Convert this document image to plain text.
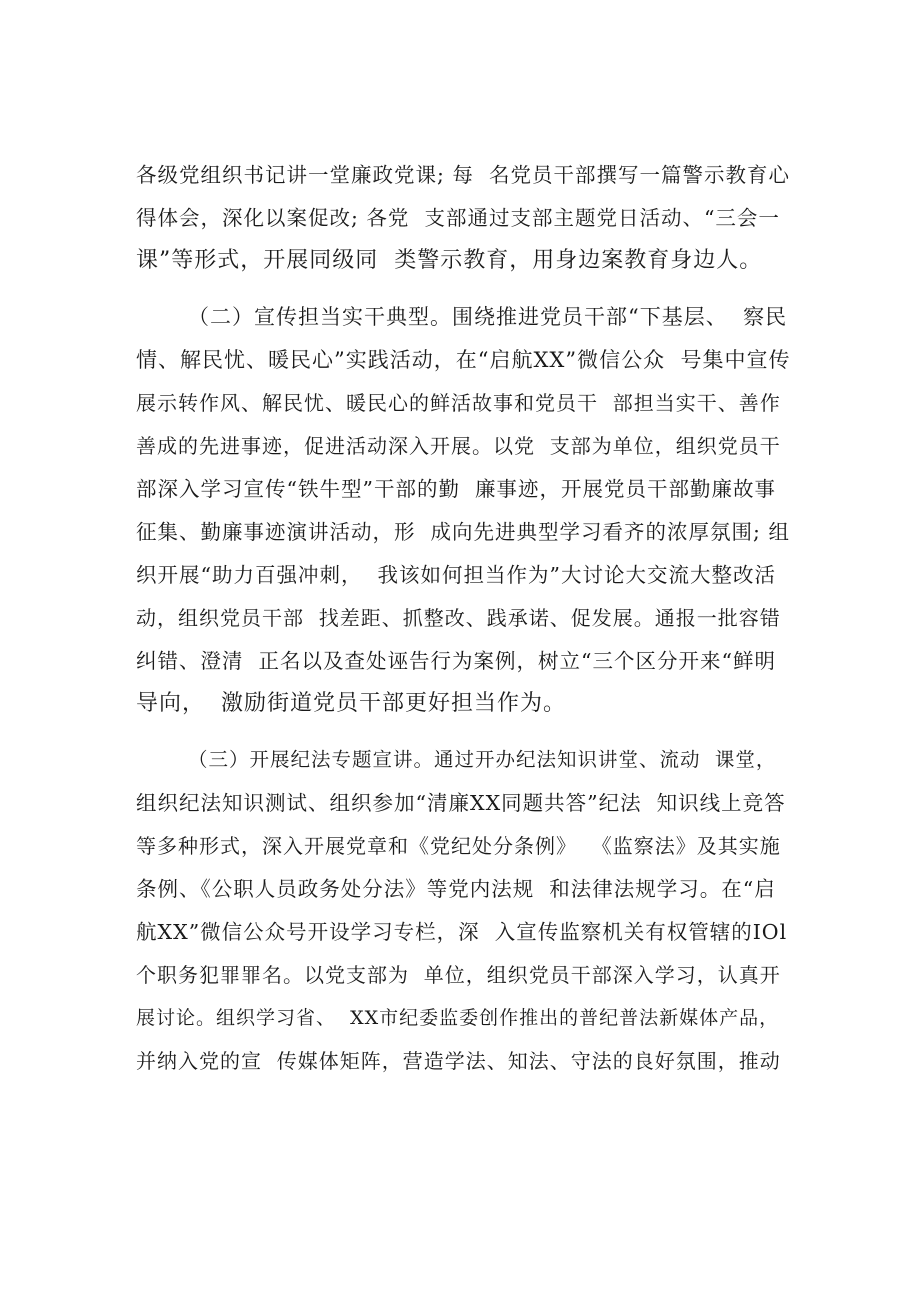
各级党组织书记讲一堂廉政党课; 每  名党员干部撰写一篇警示教育心
得体会，深化以案促改; 各党  支部通过支部主题党日活动、“三会一
课”等形式，开展同级同  类警示教育，用身边案教育身边人。
（二）宣传担当实干典型。围绕推进党员干部“下基层、  察民
情、解民忧、暖民心”实践活动，在“启航XX”微信公众  号集中宣传
展示转作风、解民忧、暖民心的鲜活故事和党员干  部担当实干、善作
善成的先进事迹，促进活动深入开展。以党  支部为单位，组织党员干
部深入学习宣传“铁牛型”干部的勤  廉事迹，开展党员干部勤廉故事
征集、勤廉事迹演讲活动，形  成向先进典型学习看齐的浓厚氛围; 组
织开展“助力百强冲刺，  我该如何担当作为”大讨论大交流大整改活
动，组织党员干部  找差距、抓整改、践承诺、促发展。通报一批容错
纠错、澄清  正名以及查处诬告行为案例，树立“三个区分开来“鲜明
导向，  激励街道党员干部更好担当作为。
（三）开展纪法专题宣讲。通过开办纪法知识讲堂、流动  课堂，
组织纪法知识测试、组织参加“清廉XX同题共答”纪法  知识线上竞答
等多种形式，深入开展党章和《党纪处分条例》  《监察法》及其实施
条例、《公职人员政务处分法》等党内法规  和法律法规学习。在“启
航XX”微信公众号开设学习专栏，深  入宣传监察机关有权管辖的IOl
个职务犯罪罪名。以党支部为  单位，组织党员干部深入学习，认真开
展讨论。组织学习省、  XX市纪委监委创作推出的普纪普法新媒体产品，
并纳入党的宣  传媒体矩阵，营造学法、知法、守法的良好氛围，推动
